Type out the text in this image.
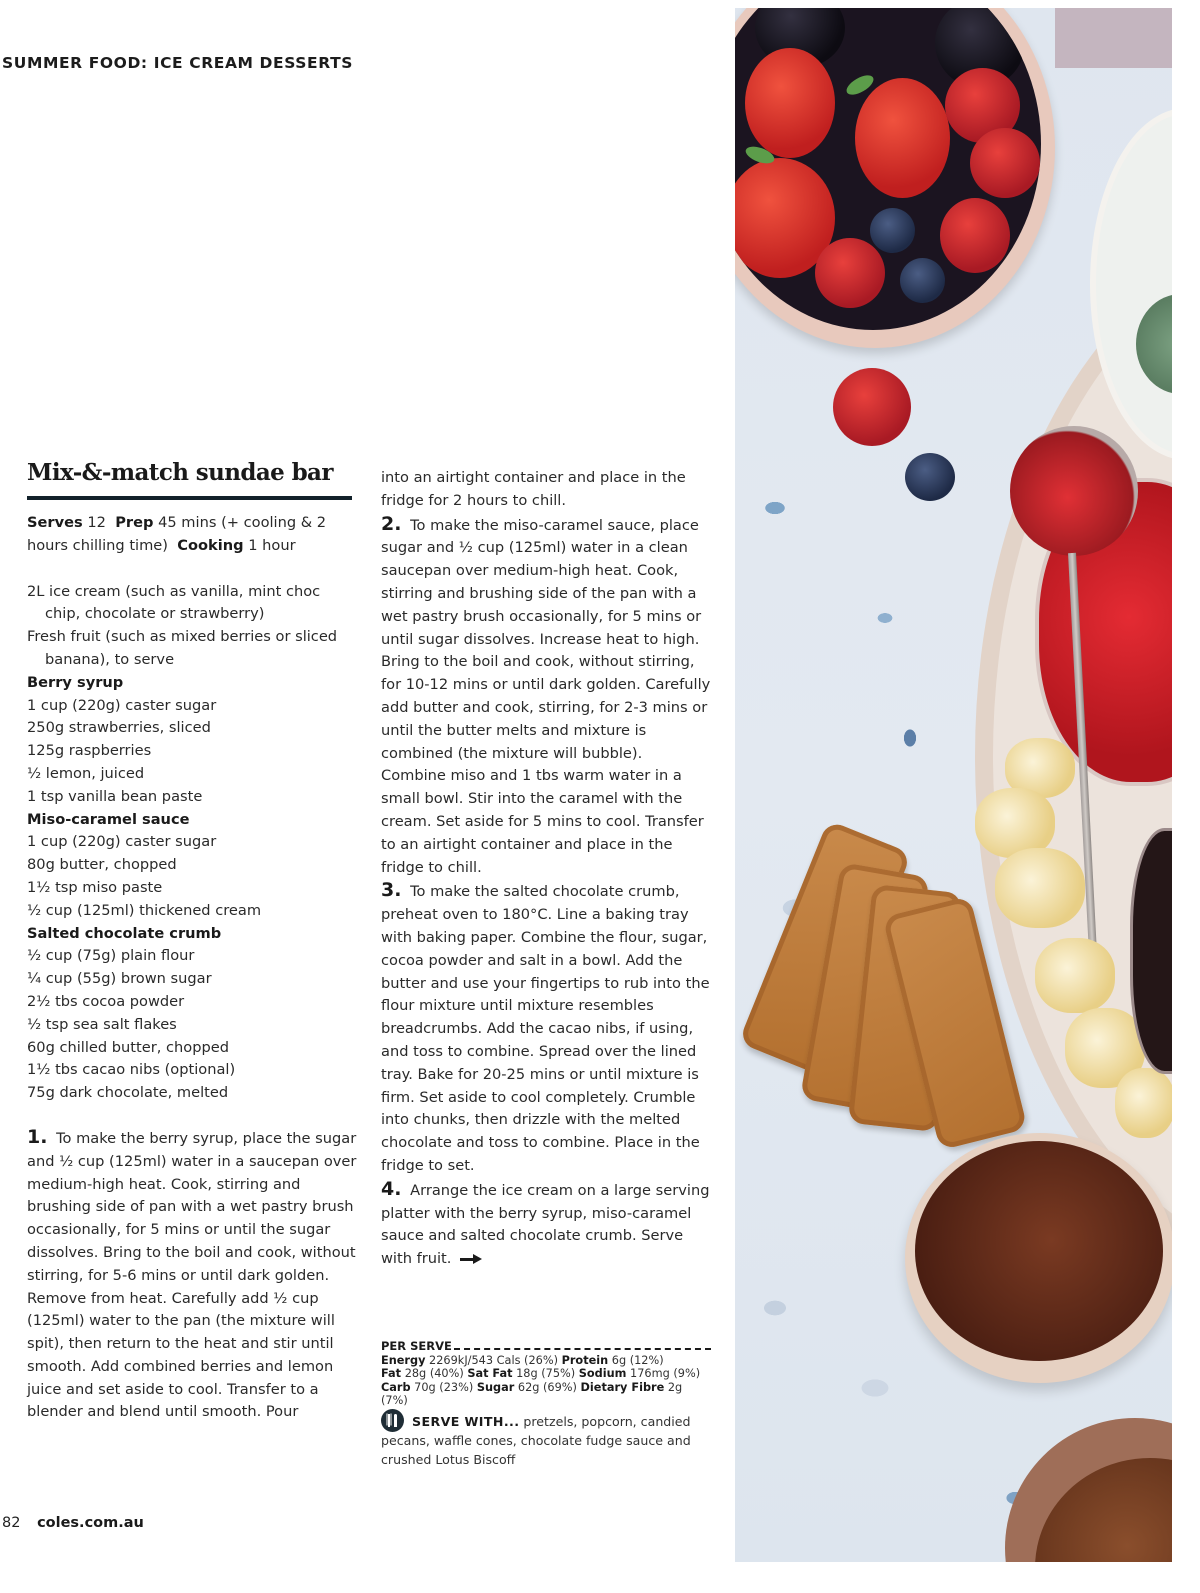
SUMMER FOOD: ICE CREAM DESSERTS
Mix-&-match sundae bar
Serves 12 Prep 45 mins (+ cooling & 2 hours chilling time) Cooking 1 hour
2L ice cream (such as vanilla, mint choc chip, chocolate or strawberry)
Fresh fruit (such as mixed berries or sliced banana), to serve
Berry syrup
1 cup (220g) caster sugar
250g strawberries, sliced
125g raspberries
½ lemon, juiced
1 tsp vanilla bean paste
Miso-caramel sauce
1 cup (220g) caster sugar
80g butter, chopped
1½ tsp miso paste
½ cup (125ml) thickened cream
Salted chocolate crumb
½ cup (75g) plain flour
¼ cup (55g) brown sugar
2½ tbs cocoa powder
½ tsp sea salt flakes
60g chilled butter, chopped
1½ tbs cacao nibs (optional)
75g dark chocolate, melted

1. To make the berry syrup, place the sugar and ½ cup (125ml) water in a saucepan over medium-high heat. Cook, stirring and brushing side of pan with a wet pastry brush occasionally, for 5 mins or until the sugar dissolves. Bring to the boil and cook, without stirring, for 5-6 mins or until dark golden. Remove from heat. Carefully add ½ cup (125ml) water to the pan (the mixture will spit), then return to the heat and stir until smooth. Add combined berries and lemon juice and set aside to cool. Transfer to a blender and blend until smooth. Pour

into an airtight container and place in the fridge for 2 hours to chill.

2. To make the miso-caramel sauce, place sugar and ½ cup (125ml) water in a clean saucepan over medium-high heat. Cook, stirring and brushing side of the pan with a wet pastry brush occasionally, for 5 mins or until sugar dissolves. Increase heat to high. Bring to the boil and cook, without stirring, for 10-12 mins or until dark golden. Carefully add butter and cook, stirring, for 2-3 mins or until the butter melts and mixture is combined (the mixture will bubble). Combine miso and 1 tbs warm water in a small bowl. Stir into the caramel with the cream. Set aside for 5 mins to cool. Transfer to an airtight container and place in the fridge to chill.

3. To make the salted chocolate crumb, preheat oven to 180°C. Line a baking tray with baking paper. Combine the flour, sugar, cocoa powder and salt in a bowl. Add the butter and use your fingertips to rub into the flour mixture until mixture resembles breadcrumbs. Add the cacao nibs, if using, and toss to combine. Spread over the lined tray. Bake for 20-25 mins or until mixture is firm. Set aside to cool completely. Crumble into chunks, then drizzle with the melted chocolate and toss to combine. Place in the fridge to set.

4. Arrange the ice cream on a large serving platter with the berry syrup, miso-caramel sauce and salted chocolate crumb. Serve with fruit.

PER SERVE
Energy 2269kJ/543 Cals (26%) Protein 6g (12%)
Fat 28g (40%) Sat Fat 18g (75%) Sodium 176mg (9%)
Carb 70g (23%) Sugar 62g (69%) Dietary Fibre 2g (7%)
SERVE WITH... pretzels, popcorn, candied pecans, waffle cones, chocolate fudge sauce and crushed Lotus Biscoff
82 coles.com.au
